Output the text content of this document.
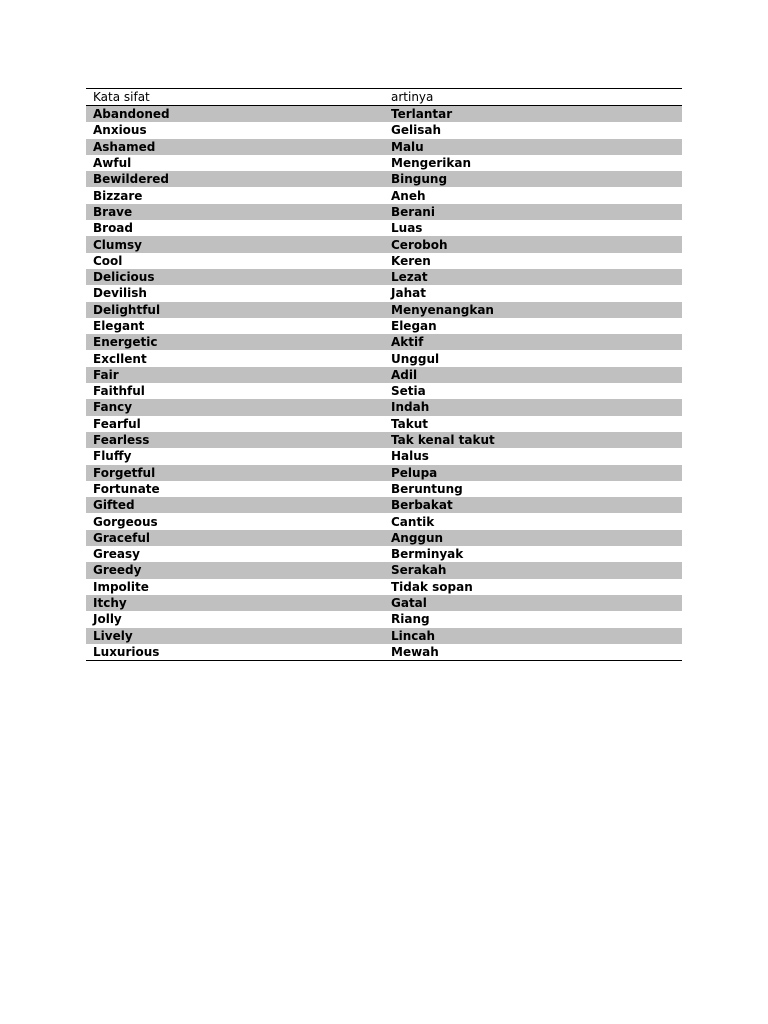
Kata sifat	artinya
Abandoned	Terlantar
Anxious	Gelisah
Ashamed	Malu
Awful	Mengerikan
Bewildered	Bingung
Bizzare	Aneh
Brave	Berani
Broad	Luas
Clumsy	Ceroboh
Cool	Keren
Delicious	Lezat
Devilish	Jahat
Delightful	Menyenangkan
Elegant	Elegan
Energetic	Aktif
Excllent	Unggul
Fair	Adil
Faithful	Setia
Fancy	Indah
Fearful	Takut
Fearless	Tak kenal takut
Fluffy	Halus
Forgetful	Pelupa
Fortunate	Beruntung
Gifted	Berbakat
Gorgeous	Cantik
Graceful	Anggun
Greasy	Berminyak
Greedy	Serakah
Impolite	Tidak sopan
Itchy	Gatal
Jolly	Riang
Lively	Lincah
Luxurious	Mewah
